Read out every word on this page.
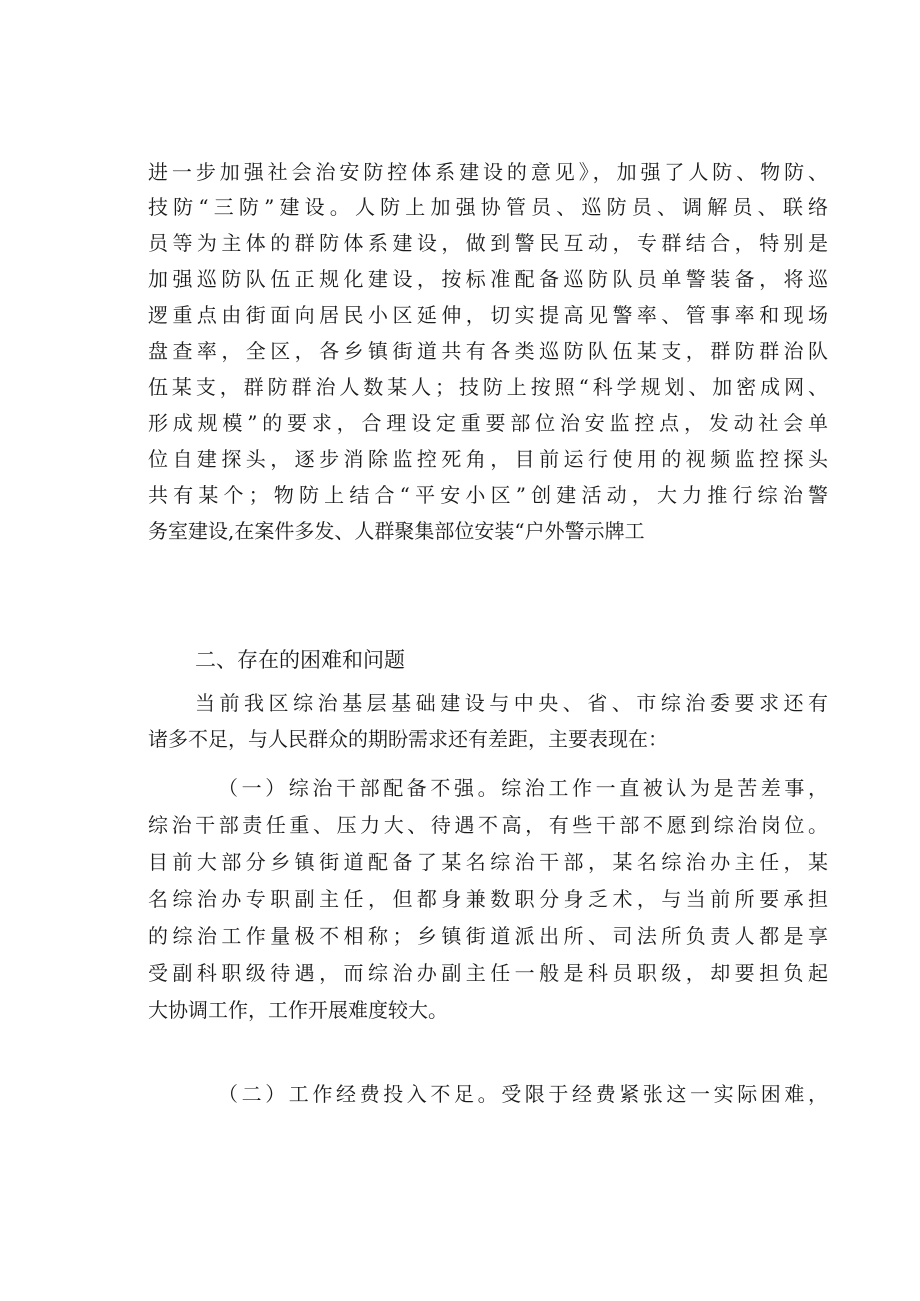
进一步加强社会治安防控体系建设的意见》，加强了人防、物防、
技防“三防”建设。人防上加强协管员、巡防员、调解员、联络
员等为主体的群防体系建设，做到警民互动，专群结合，特别是
加强巡防队伍正规化建设，按标准配备巡防队员单警装备，将巡
逻重点由街面向居民小区延伸，切实提高见警率、管事率和现场
盘查率，全区，各乡镇街道共有各类巡防队伍某支，群防群治队
伍某支，群防群治人数某人；技防上按照“科学规划、加密成网、
形成规模”的要求，合理设定重要部位治安监控点，发动社会单
位自建探头，逐步消除监控死角，目前运行使用的视频监控探头
共有某个；物防上结合“平安小区”创建活动，大力推行综治警
务室建设,在案件多发、人群聚集部位安装“户外警示牌工
二、存在的困难和问题
当前我区综治基层基础建设与中央、省、市综治委要求还有
诸多不足，与人民群众的期盼需求还有差距，主要表现在：
（一）综治干部配备不强。综治工作一直被认为是苦差事，
综治干部责任重、压力大、待遇不高，有些干部不愿到综治岗位。
目前大部分乡镇街道配备了某名综治干部，某名综治办主任，某
名综治办专职副主任，但都身兼数职分身乏术，与当前所要承担
的综治工作量极不相称；乡镇街道派出所、司法所负责人都是享
受副科职级待遇，而综治办副主任一般是科员职级，却要担负起
大协调工作，工作开展难度较大。
（二）工作经费投入不足。受限于经费紧张这一实际困难，
